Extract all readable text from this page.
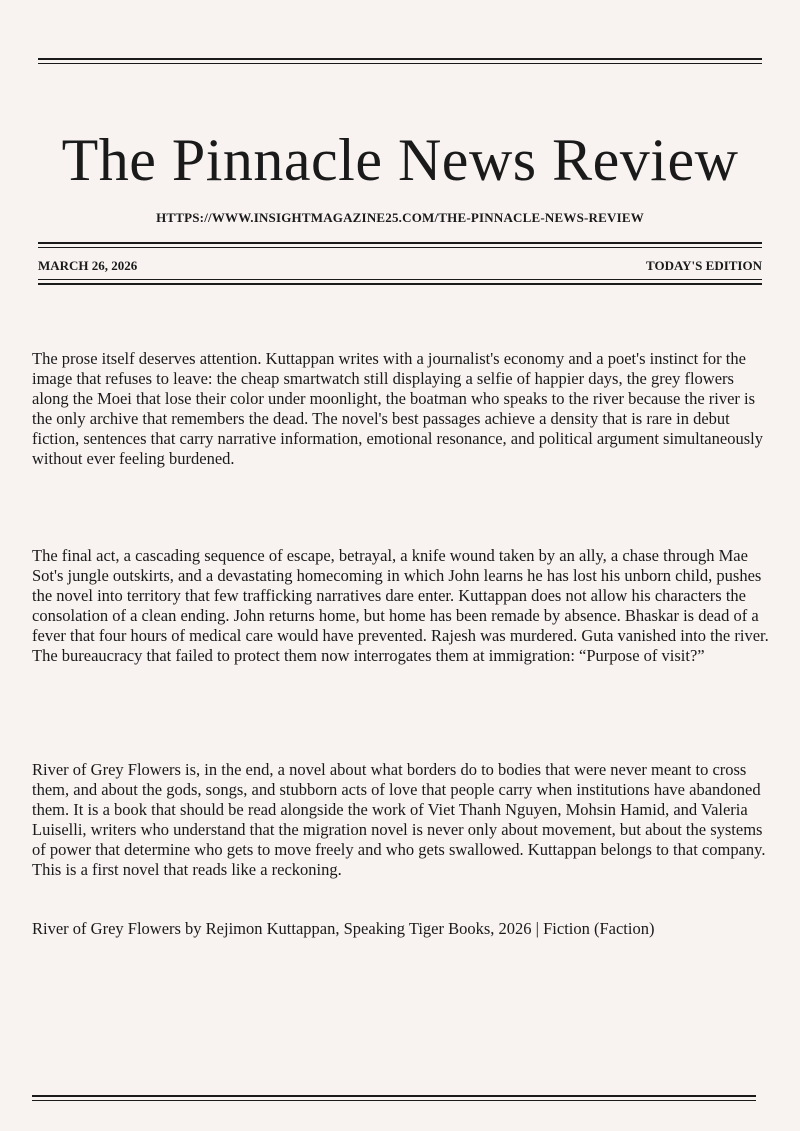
The Pinnacle News Review
HTTPS://WWW.INSIGHTMAGAZINE25.COM/THE-PINNACLE-NEWS-REVIEW
MARCH 26, 2026	TODAY'S EDITION

The prose itself deserves attention. Kuttappan writes with a journalist's economy and a poet's instinct for the image that refuses to leave: the cheap smartwatch still displaying a selfie of happier days, the grey flowers along the Moei that lose their color under moonlight, the boatman who speaks to the river because the river is the only archive that remembers the dead. The novel's best passages achieve a density that is rare in debut fiction, sentences that carry narrative information, emotional resonance, and political argument simultaneously without ever feeling burdened.

The final act, a cascading sequence of escape, betrayal, a knife wound taken by an ally, a chase through Mae Sot's jungle outskirts, and a devastating homecoming in which John learns he has lost his unborn child, pushes the novel into territory that few trafficking narratives dare enter. Kuttappan does not allow his characters the consolation of a clean ending. John returns home, but home has been remade by absence. Bhaskar is dead of a fever that four hours of medical care would have prevented. Rajesh was murdered. Guta vanished into the river. The bureaucracy that failed to protect them now interrogates them at immigration: “Purpose of visit?”

River of Grey Flowers is, in the end, a novel about what borders do to bodies that were never meant to cross them, and about the gods, songs, and stubborn acts of love that people carry when institutions have abandoned them. It is a book that should be read alongside the work of Viet Thanh Nguyen, Mohsin Hamid, and Valeria Luiselli, writers who understand that the migration novel is never only about movement, but about the systems of power that determine who gets to move freely and who gets swallowed. Kuttappan belongs to that company. This is a first novel that reads like a reckoning.

River of Grey Flowers by Rejimon Kuttappan, Speaking Tiger Books, 2026 | Fiction (Faction)
